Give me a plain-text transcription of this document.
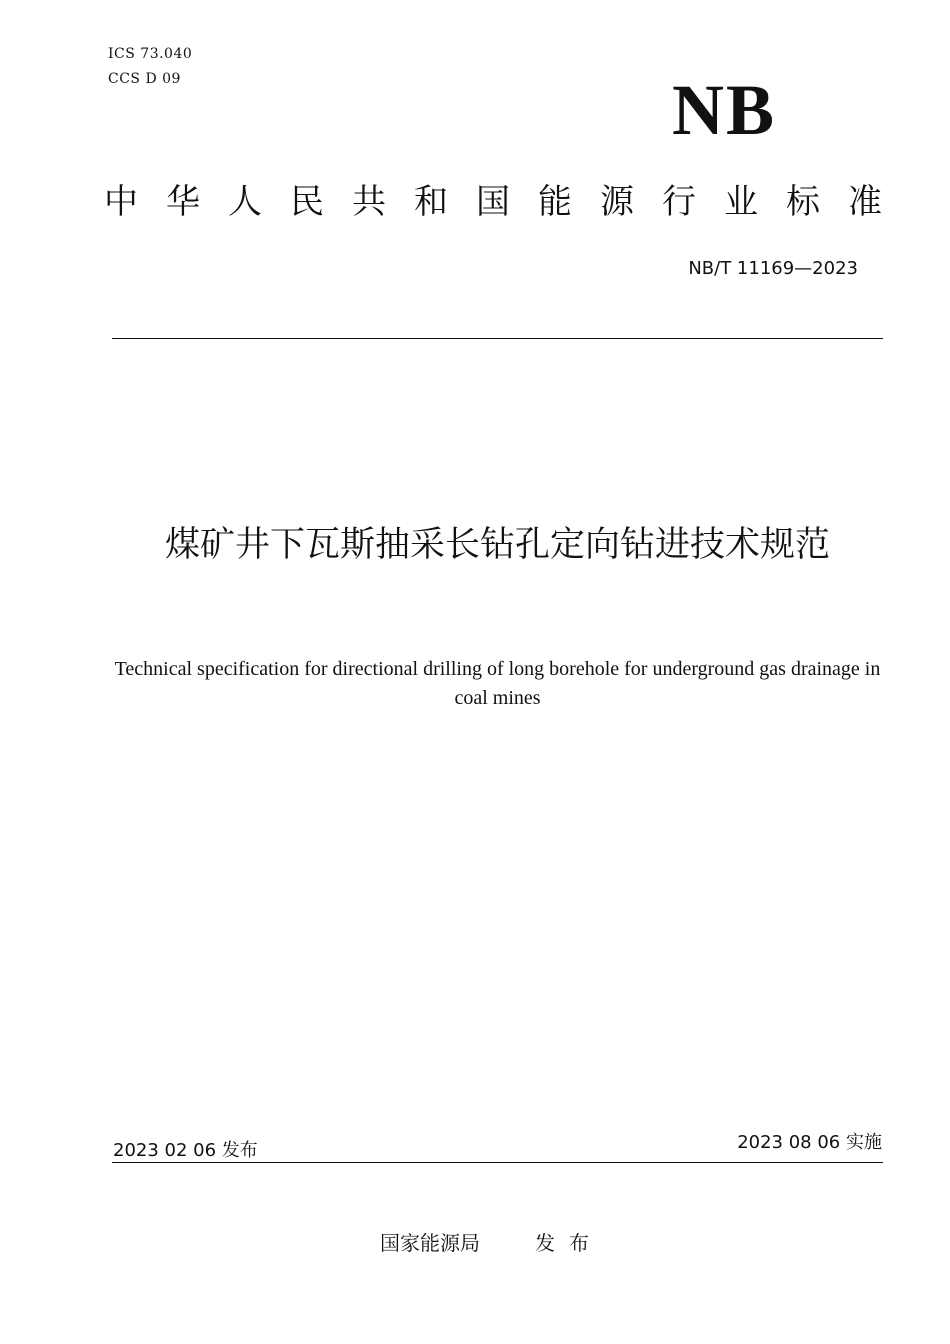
ICS 73.040
CCS D 09	NB
中华人民共和国能源行业标准
NB/T 11169—2023
煤矿井下瓦斯抽采长钻孔定向钻进技术规范
Technical specification for directional drilling of long borehole for underground gas drainage in coal mines
2023 02 06 发布	2023 08 06 实施
国家能源局	发布
